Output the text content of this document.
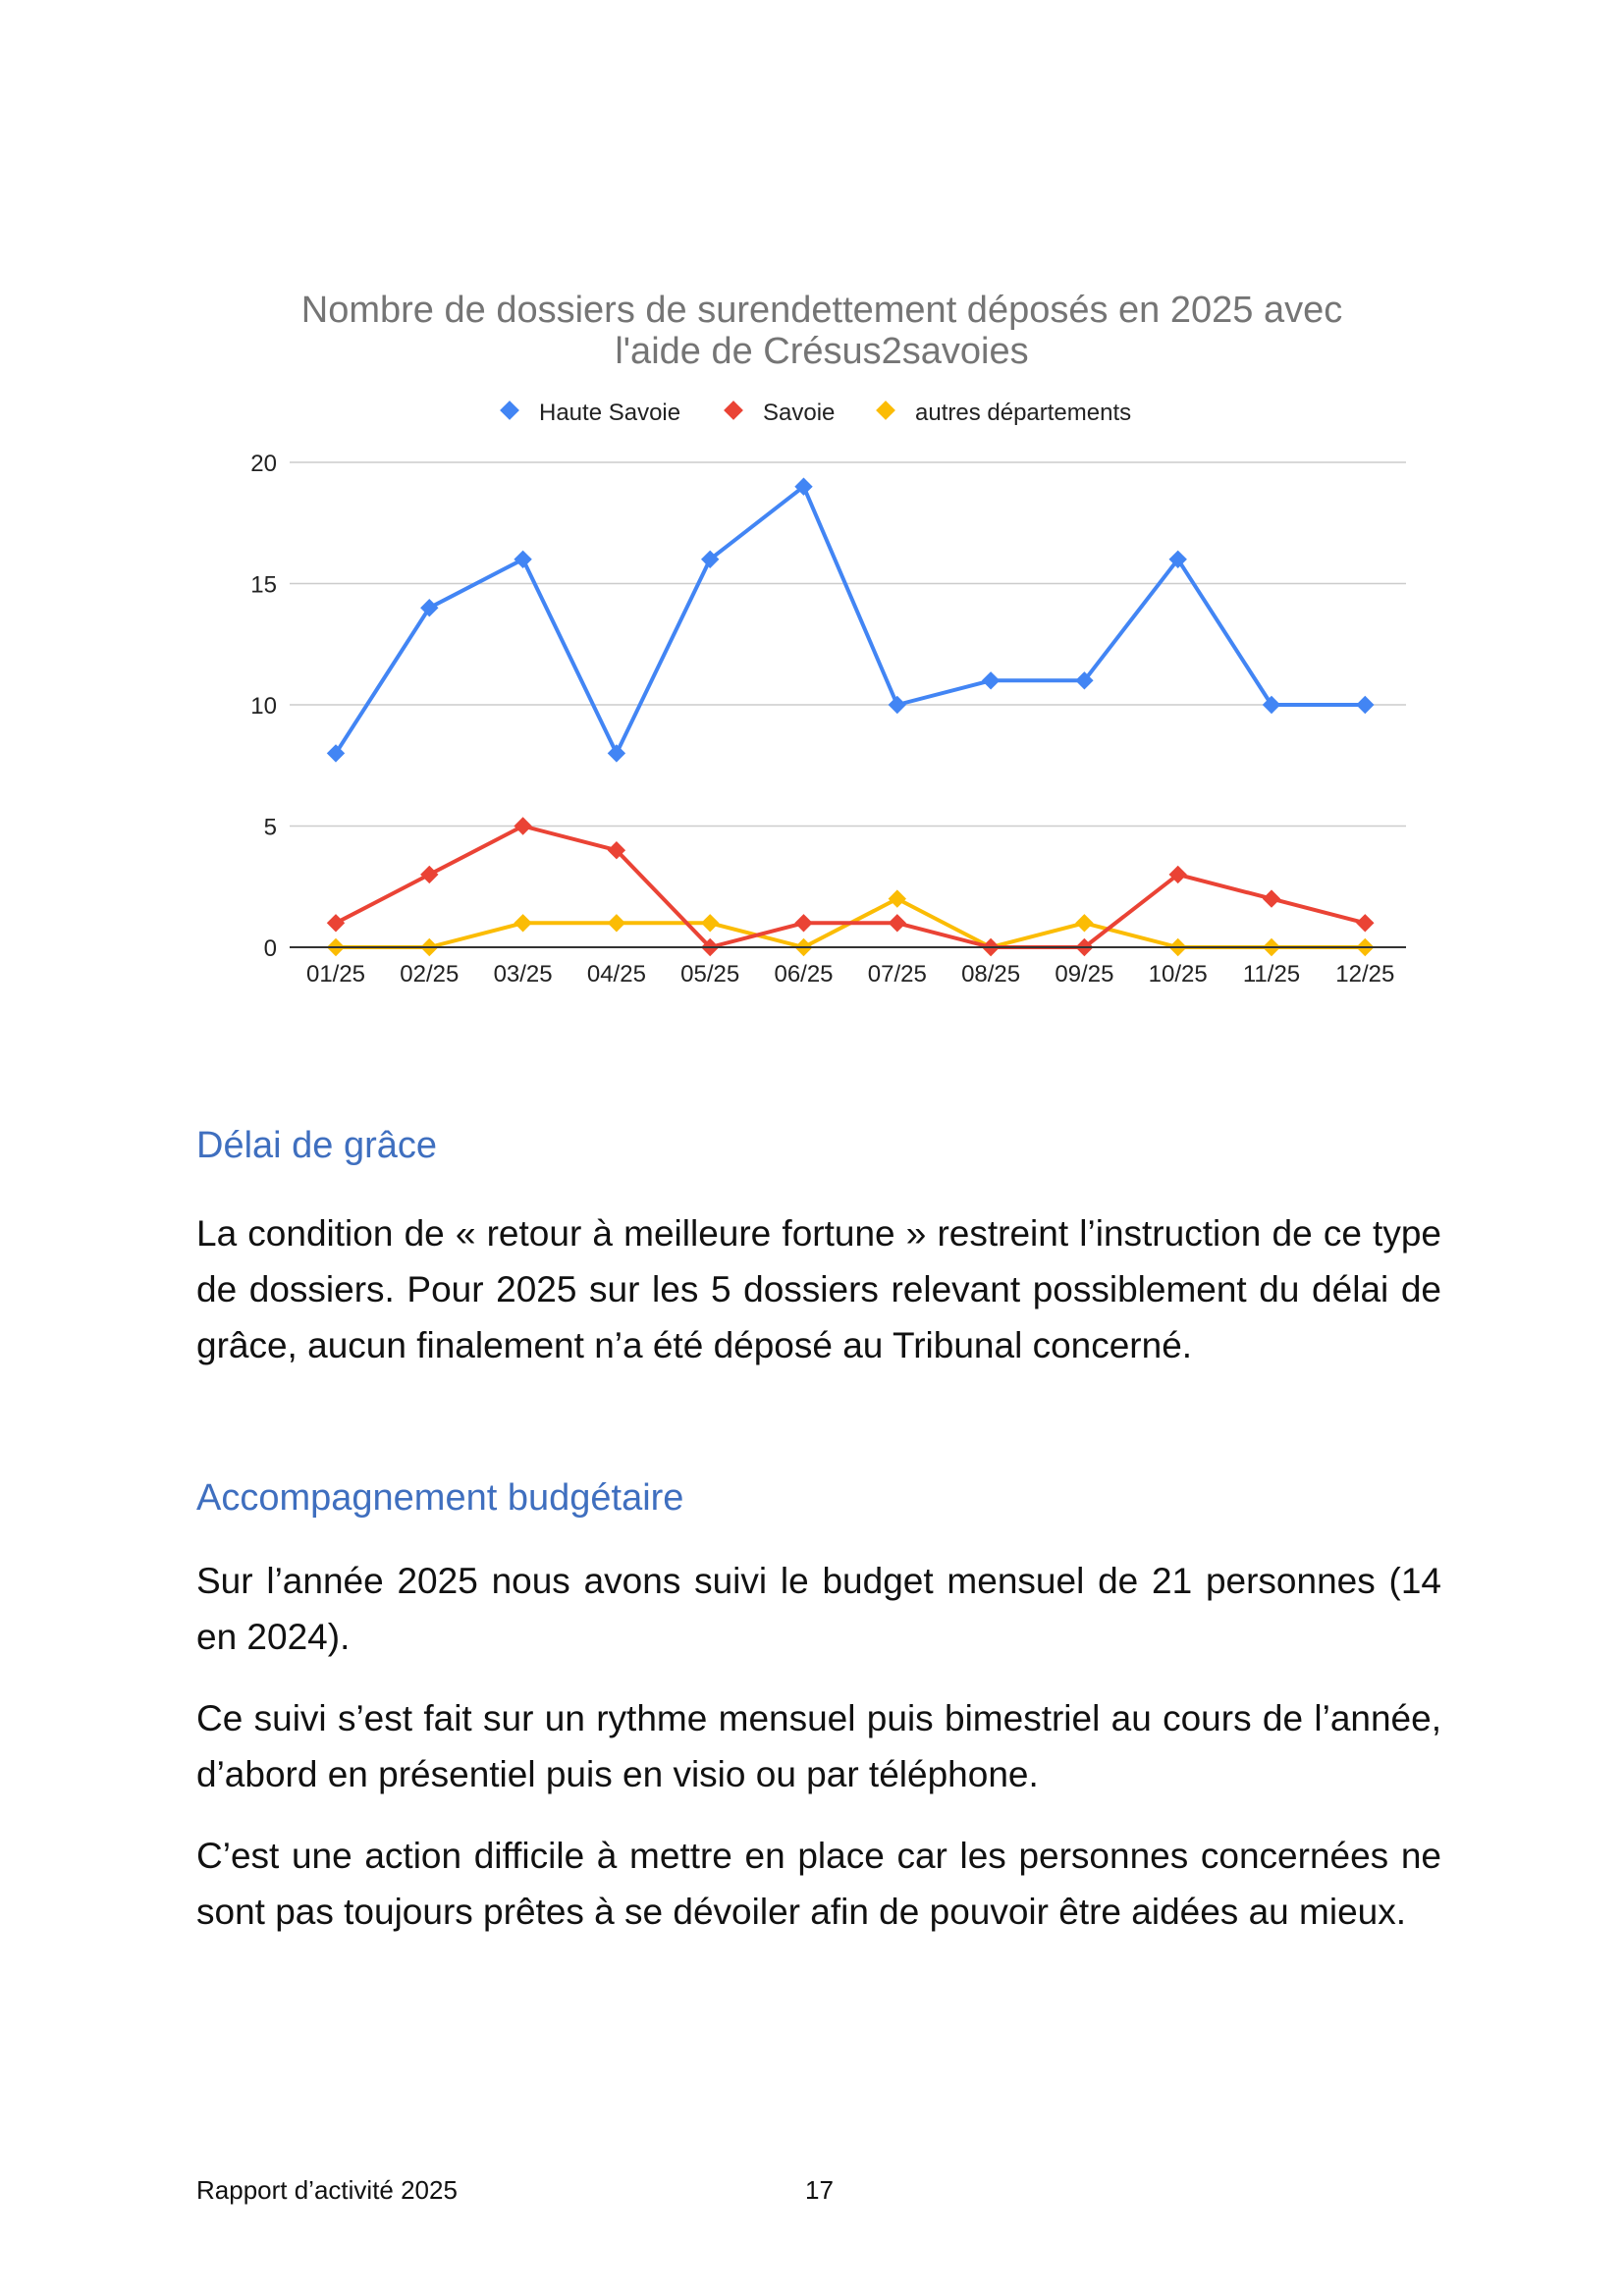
Nombre de dossiers de surendettement déposés en 2025 avec
l'aide de Crésus2savoies
Haute Savoie	Savoie	autres départements
0
5
10
15
20
01/25 02/25 03/25 04/25 05/25 06/25 07/25 08/25 09/25 10/25 11/25 12/25
Délai de grâce

La condition de « retour à meilleure fortune » restreint l’instruction de ce type de dossiers. Pour 2025 sur les 5 dossiers relevant possiblement du délai de grâce, aucun finalement n’a été déposé au Tribunal concerné.

Accompagnement budgétaire

Sur l’année 2025 nous avons suivi le budget mensuel de 21 personnes (14 en 2024).

Ce suivi s’est fait sur un rythme mensuel puis bimestriel au cours de l’année, d’abord en présentiel puis en visio ou par téléphone.

C’est une action difficile à mettre en place car les personnes concernées ne sont pas toujours prêtes à se dévoiler afin de pouvoir être aidées au mieux.

Rapport d’activité 2025	17
